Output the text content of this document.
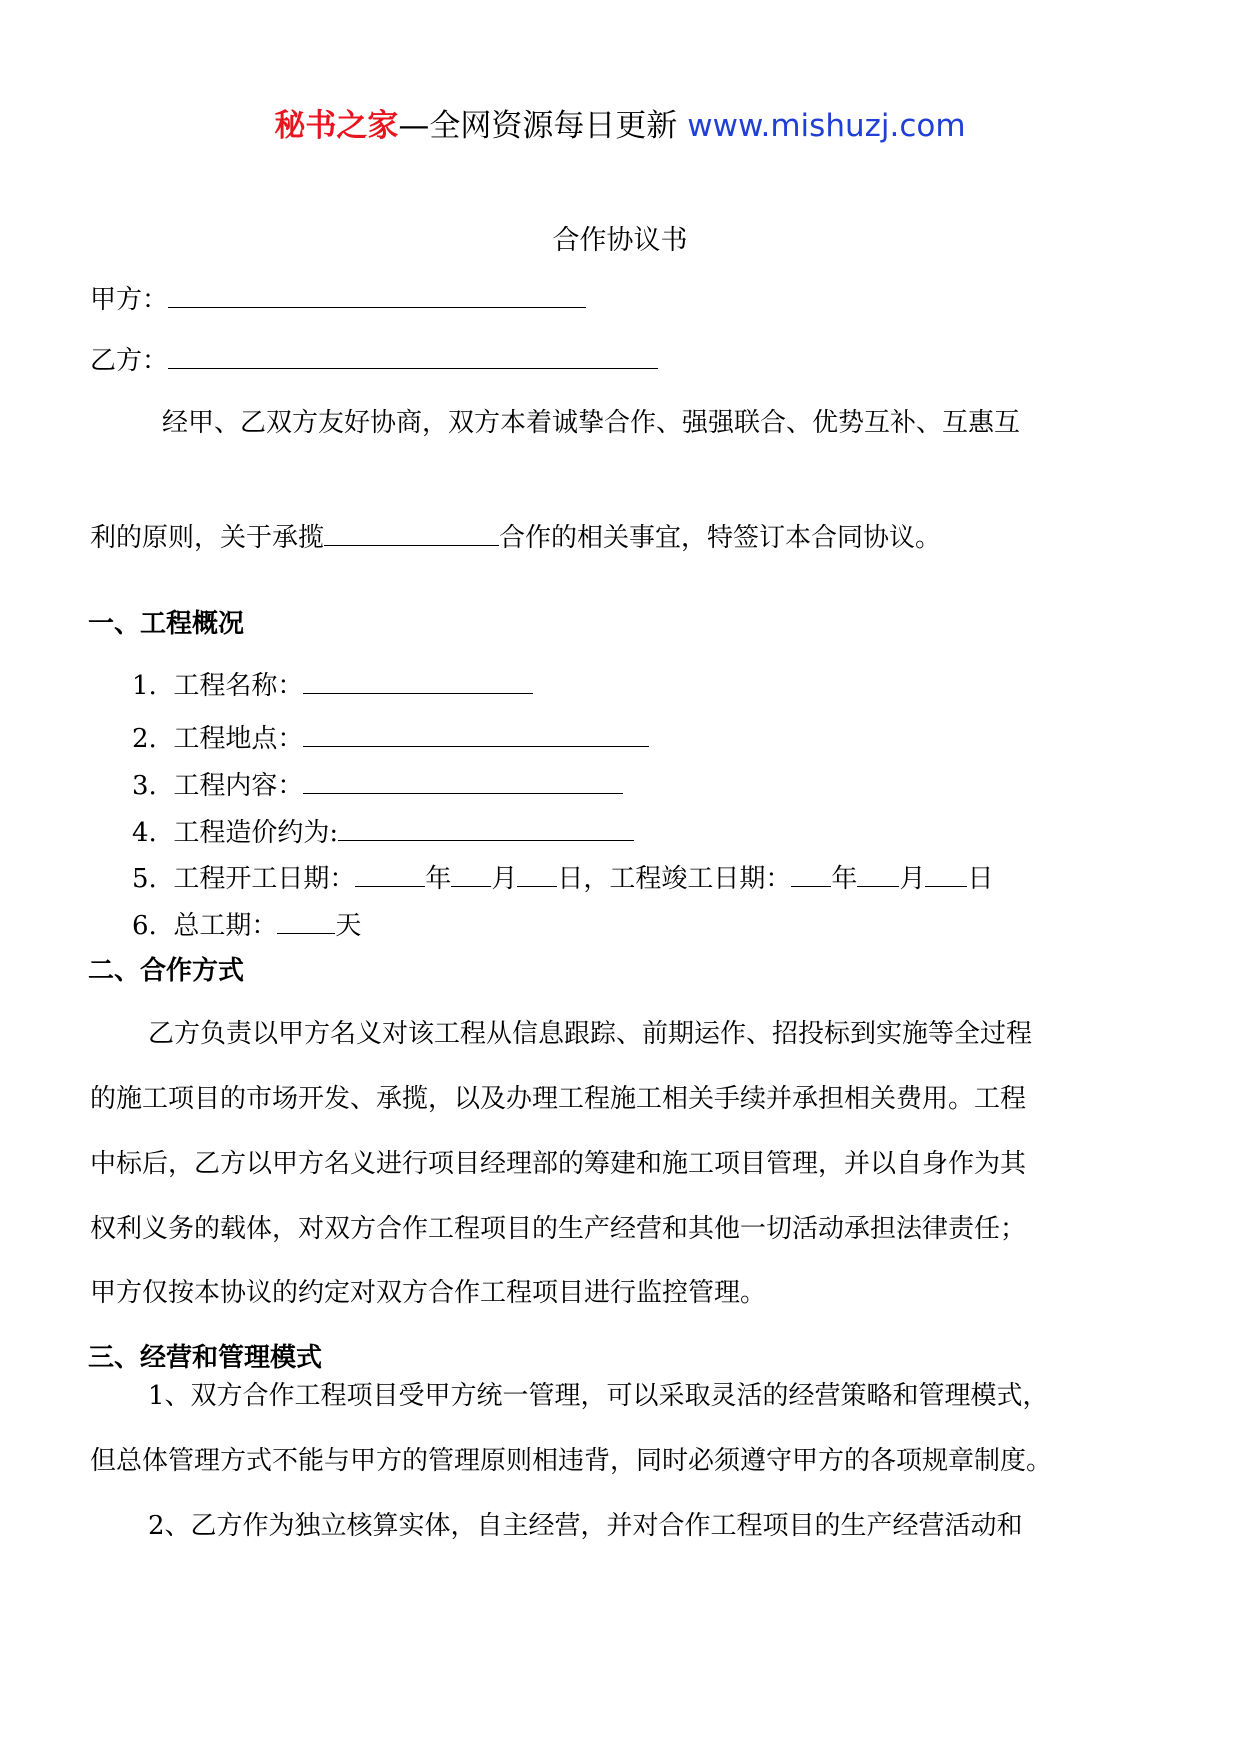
秘书之家—全网资源每日更新 www.mishuzj.com
合作协议书
甲方：
乙方：
经甲、乙双方友好协商，双方本着诚挚合作、强强联合、优势互补、互惠互
利的原则，关于承揽	合作的相关事宜，特签订本合同协议。
一、工程概况
1. 工程名称：
2. 工程地点：
3. 工程内容：
4. 工程造价约为:
5. 工程开工日期：	年 月 日，工程竣工日期： 年 月 日
6. 总工期： 天
二、合作方式
乙方负责以甲方名义对该工程从信息跟踪、前期运作、招投标到实施等全过程
的施工项目的市场开发、承揽，以及办理工程施工相关手续并承担相关费用。工程
中标后，乙方以甲方名义进行项目经理部的筹建和施工项目管理，并以自身作为其
权利义务的载体，对双方合作工程项目的生产经营和其他一切活动承担法律责任；
甲方仅按本协议的约定对双方合作工程项目进行监控管理。
三、经营和管理模式
1、双方合作工程项目受甲方统一管理，可以采取灵活的经营策略和管理模式，
但总体管理方式不能与甲方的管理原则相违背，同时必须遵守甲方的各项规章制度。
2、乙方作为独立核算实体，自主经营，并对合作工程项目的生产经营活动和
